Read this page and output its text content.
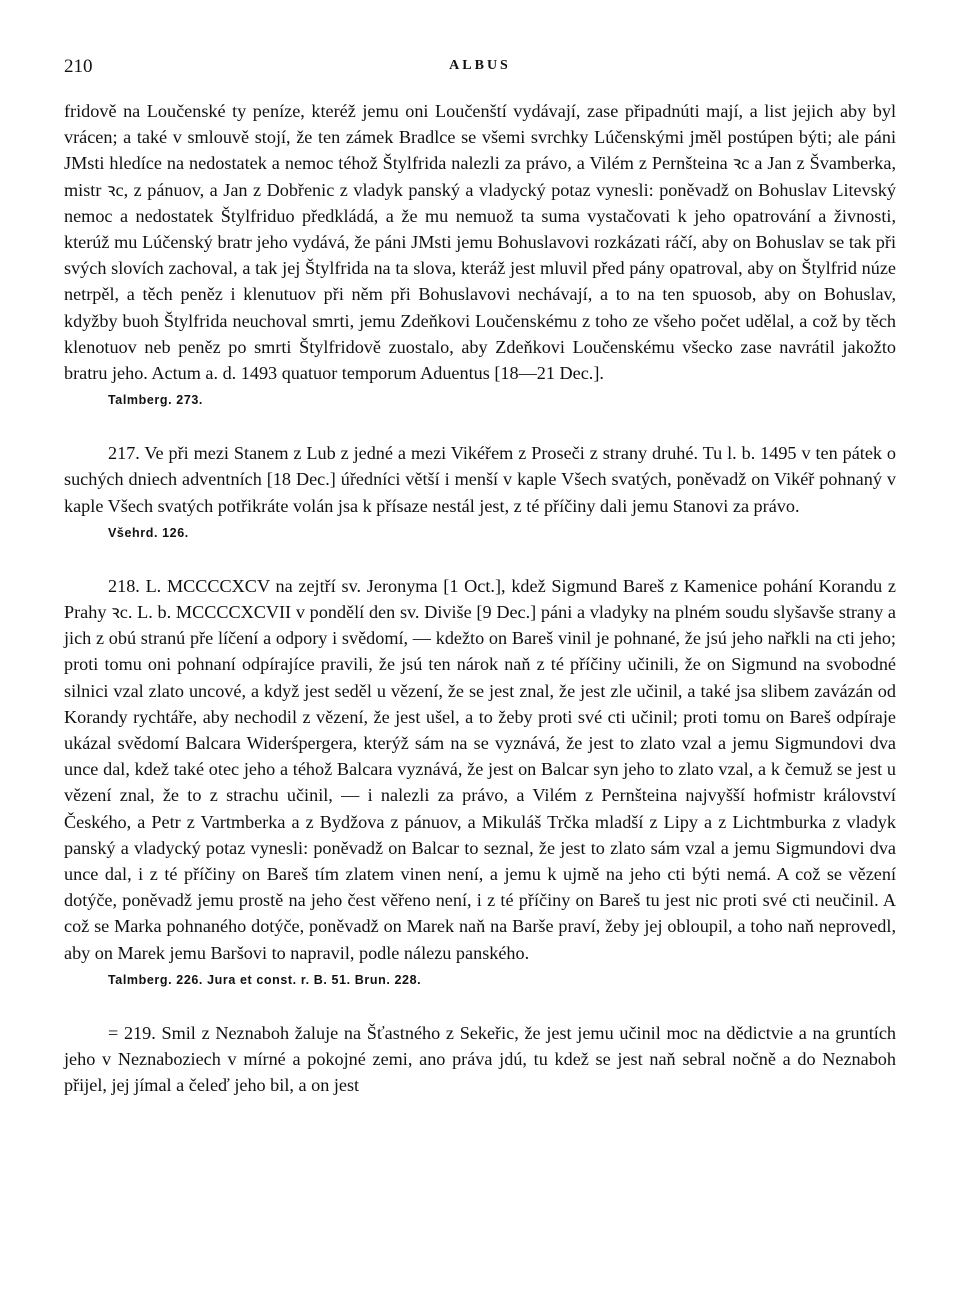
210	ALBUS

fridově na Loučenské ty peníze, kteréž jemu oni Loučenští vydávají, zase připadnúti mají, a list jejich aby byl vrácen; a také v smlouvě stojí, že ten zámek Bradlce se všemi svrchky Lúčenskými jměl postúpen býti; ale páni JMsti hledíce na nedostatek a nemoc téhož Štylfrida nalezli za právo, a Vilém z Pernšteina ꝛc a Jan z Švamberka, mistr ꝛc, z pánuov, a Jan z Dobřenic z vladyk panský a vladycký potaz vynesli: poněvadž on Bohuslav Litevský nemoc a nedostatek Štylfriduo předkládá, a že mu nemuož ta suma vystačovati k jeho opatrování a živnosti, kterúž mu Lúčenský bratr jeho vydává, že páni JMsti jemu Bohuslavovi rozkázati ráčí, aby on Bohuslav se tak při svých slovích zachoval, a tak jej Štylfrida na ta slova, kteráž jest mluvil před pány opatroval, aby on Štylfrid núze netrpěl, a těch peněz i klenutuov při něm při Bohuslavovi nechávají, a to na ten spuosob, aby on Bohuslav, kdyžby buoh Štylfrida neuchoval smrti, jemu Zdeňkovi Loučenskému z toho ze všeho počet udělal, a což by těch klenotuov neb peněz po smrti Štylfridově zuostalo, aby Zdeňkovi Loučenskému všecko zase navrátil jakožto bratru jeho. Actum a. d. 1493 quatuor temporum Aduentus [18—21 Dec.].

Talmberg. 273.

217. Ve při mezi Stanem z Lub z jedné a mezi Vikéřem z Proseči z strany druhé. Tu l. b. 1495 v ten pátek o suchých dniech adventních [18 Dec.] úředníci větší i menší v kaple Všech svatých, poněvadž on Vikéř pohnaný v kaple Všech svatých potřikráte volán jsa k přísaze nestál jest, z té příčiny dali jemu Stanovi za právo.

Všehrd. 126.

218. L. MCCCCXCV na zejtří sv. Jeronyma [1 Oct.], kdež Sigmund Bareš z Kamenice pohání Korandu z Prahy ꝛc. L. b. MCCCCXCVII v pondělí den sv. Diviše [9 Dec.] páni a vladyky na plném soudu slyšavše strany a jich z obú stranú pře líčení a odpory i svědomí, — kdežto on Bareš vinil je pohnané, že jsú jeho nařkli na cti jeho; proti tomu oni pohnaní odpírajíce pravili, že jsú ten nárok naň z té příčiny učinili, že on Sigmund na svobodné silnici vzal zlato uncové, a když jest seděl u vězení, že se jest znal, že jest zle učinil, a také jsa slibem zavázán od Korandy rychtáře, aby nechodil z vězení, že jest ušel, a to žeby proti své cti učinil; proti tomu on Bareš odpíraje ukázal svědomí Balcara Widerśpergera, kterýž sám na se vyznává, že jest to zlato vzal a jemu Sigmundovi dva unce dal, kdež také otec jeho a téhož Balcara vyznává, že jest on Balcar syn jeho to zlato vzal, a k čemuž se jest u vězení znal, že to z strachu učinil, — i nalezli za právo, a Vilém z Pernšteina najvyšší hofmistr království Českého, a Petr z Vartmberka a z Bydžova z pánuov, a Mikuláš Trčka mladší z Lipy a z Lichtmburka z vladyk panský a vladycký potaz vynesli: poněvadž on Balcar to seznal, že jest to zlato sám vzal a jemu Sigmundovi dva unce dal, i z té příčiny on Bareš tím zlatem vinen není, a jemu k ujmě na jeho cti býti nemá. A což se vězení dotýče, poněvadž jemu prostě na jeho čest věřeno není, i z té příčiny on Bareš tu jest nic proti své cti neučinil. A což se Marka pohnaného dotýče, poněvadž on Marek naň na Barše praví, žeby jej obloupil, a toho naň neprovedl, aby on Marek jemu Baršovi to napravil, podle nálezu panského.

Talmberg. 226. Jura et const. r. B. 51. Brun. 228.

= 219. Smil z Neznaboh žaluje na Šťastného z Sekeřic, že jest jemu učinil moc na dědictvie a na gruntích jeho v Neznaboziech v mírné a pokojné zemi, ano práva jdú, tu kdež se jest naň sebral nočně a do Neznaboh přijel, jej jímal a čeleď jeho bil, a on jest
